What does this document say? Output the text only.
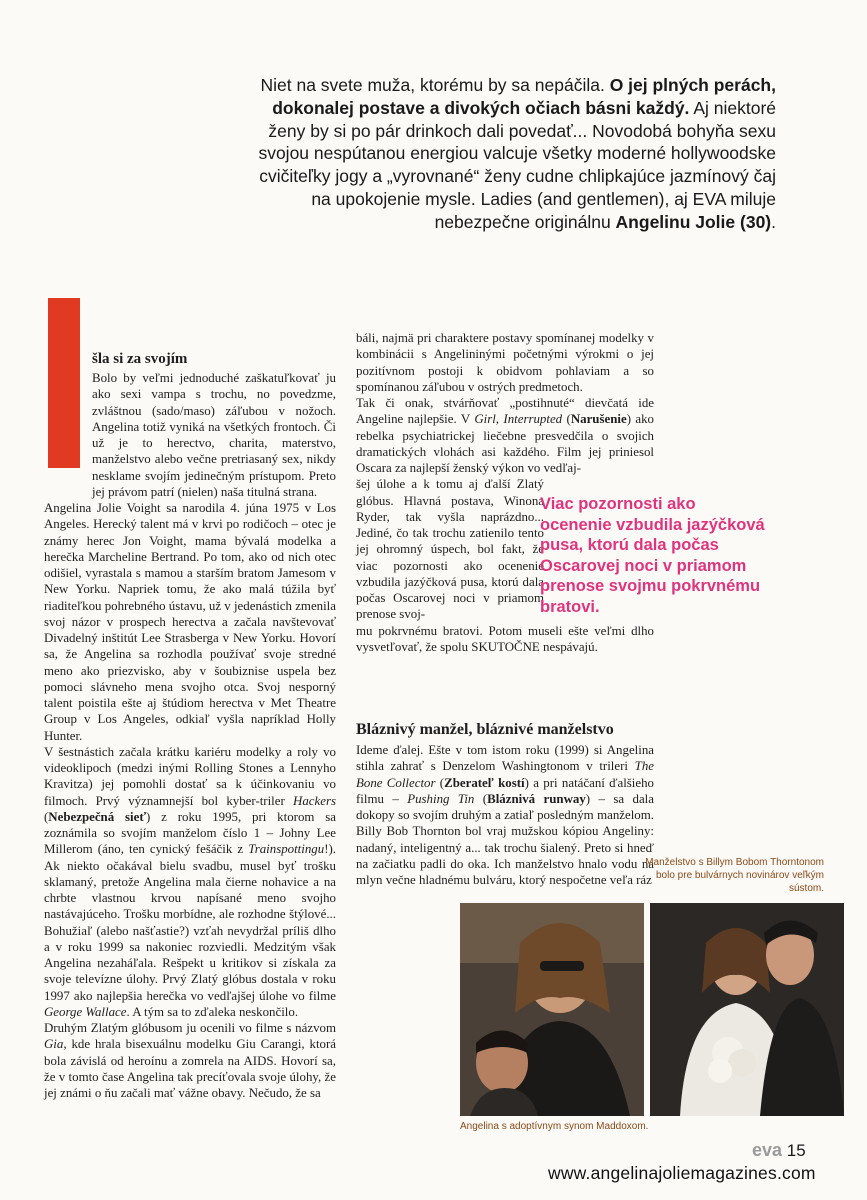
Niet na svete muža, ktorému by sa nepáčila. O jej plných perách, dokonalej postave a divokých očiach básni každý. Aj niektoré ženy by si po pár drinkoch dali povedať... Novodobá bohyňa sexu svojou nespútanou energiou valcuje všetky moderné hollywoodske cvičiteľky jogy a „vyrovnané“ ženy cudne chlipkajúce jazmínový čaj na upokojenie mysle. Ladies (and gentlemen), aj EVA miluje nebezpečne originálnu Angelinu Jolie (30).
šla si za svojím

Bolo by veľmi jednoduché zaškatuľkovať ju ako sexi vampa s trochu, no povedzme, zvláštnou (sado/maso) záľubou v nožoch. Angelina totiž vyniká na všetkých frontoch. Či už je to herectvo, charita, materstvo, manželstvo alebo večne pretriasaný sex, nikdy nesklame svojím jedinečným prístupom. Preto jej právom patrí (nielen) naša titulná strana.

Angelina Jolie Voight sa narodila 4. júna 1975 v Los Angeles. Herecký talent má v krvi po rodičoch – otec je známy herec Jon Voight, mama bývalá modelka a herečka Marcheline Bertrand. Po tom, ako od nich otec odišiel, vyrastala s mamou a starším bratom Jamesom v New Yorku. Napriek tomu, že ako malá túžila byť riaditeľkou pohrebného ústavu, už v jedenástich zmenila svoj názor v prospech herectva a začala navštevovať Divadelný inštitút Lee Strasberga v New Yorku. Hovorí sa, že Angelina sa rozhodla používať svoje stredné meno ako priezvisko, aby v šoubiznise uspela bez pomoci slávneho mena svojho otca. Svoj nesporný talent poistila ešte aj štúdiom herectva v Met Theatre Group v Los Angeles, odkiaľ vyšla napríklad Holly Hunter.

V šestnástich začala krátku kariéru modelky a roly vo videoklipoch (medzi inými Rolling Stones a Lennyho Kravitza) jej pomohli dostať sa k účinkovaniu vo filmoch. Prvý významnejší bol kyber-triler Hackers (Nebezpečná sieť) z roku 1995, pri ktorom sa zoznámila so svojím manželom číslo 1 – Johny Lee Millerom (áno, ten cynický fešáčik z Trainspottingu!). Ak niekto očakával bielu svadbu, musel byť trošku sklamaný, pretože Angelina mala čierne nohavice a na chrbte vlastnou krvou napísané meno svojho nastávajúceho. Trošku morbídne, ale rozhodne štýlové... Bohužiaľ (alebo našťastie?) vzťah nevydržal príliš dlho a v roku 1999 sa nakoniec rozviedli. Medzitým však Angelina nezaháľala. Rešpekt u kritikov si získala za svoje televízne úlohy. Prvý Zlatý glóbus dostala v roku 1997 ako najlepšia herečka vo vedľajšej úlohe vo filme George Wallace. A tým sa to zďaleka neskončilo.

Druhým Zlatým glóbusom ju ocenili vo filme s názvom Gia, kde hrala bisexuálnu modelku Giu Carangi, ktorá bola závislá od heroínu a zomrela na AIDS. Hovorí sa, že v tomto čase Angelina tak precíťovala svoje úlohy, že jej známi o ňu začali mať vážne obavy. Nečudo, že sa

báli, najmä pri charaktere postavy spomínanej modelky v kombinácii s Angelininými početnými výrokmi o jej pozitívnom postoji k obidvom pohlaviam a so spomínanou záľubou v ostrých predmetoch.

Tak či onak, stvárňovať „postihnuté“ dievčatá ide Angeline najlepšie. V Girl, Interrupted (Narušenie) ako rebelka psychiatrickej liečebne presvedčila o svojich dramatických vlohách asi každého. Film jej priniesol Oscara za najlepší ženský výkon vo vedľaj-

šej úlohe a k tomu aj ďalší Zlatý glóbus. Hlavná postava, Winona Ryder, tak vyšla naprázdno... Jediné, čo tak trochu zatienilo tento jej ohromný úspech, bol fakt, že viac pozornosti ako ocenenie vzbudila jazýčková pusa, ktorú dala počas Oscarovej noci v priamom prenose svoj-

mu pokrvnému bratovi. Potom museli ešte veľmi dlho vysvetľovať, že spolu SKUTOČNE nespávajú.

Viac pozornosti ako ocenenie vzbudila jazýčková pusa, ktorú dala počas Oscarovej noci v priamom prenose svojmu pokrvnému bratovi.
Bláznivý manžel, bláznivé manželstvo

Ideme ďalej. Ešte v tom istom roku (1999) si Angelina stihla zahrať s Denzelom Washingtonom v trileri The Bone Collector (Zberateľ kostí) a pri natáčaní ďalšieho filmu – Pushing Tin (Bláznivá runway) – sa dala dokopy so svojím druhým a zatiaľ posledným manželom. Billy Bob Thornton bol vraj mužskou kópiou Angeliny: nadaný, inteligentný a... tak trochu šialený. Preto si hneď na začiatku padli do oka. Ich manželstvo hnalo vodu na mlyn večne hladnému bulváru, ktorý nespočetne veľa ráz

Manželstvo s Billym Bobom Thorntonom bolo pre bulvárnych novinárov veľkým sústom.
Angelina s adoptívnym synom Maddoxom.
eva 15
www.angelinajoliemagazines.com
